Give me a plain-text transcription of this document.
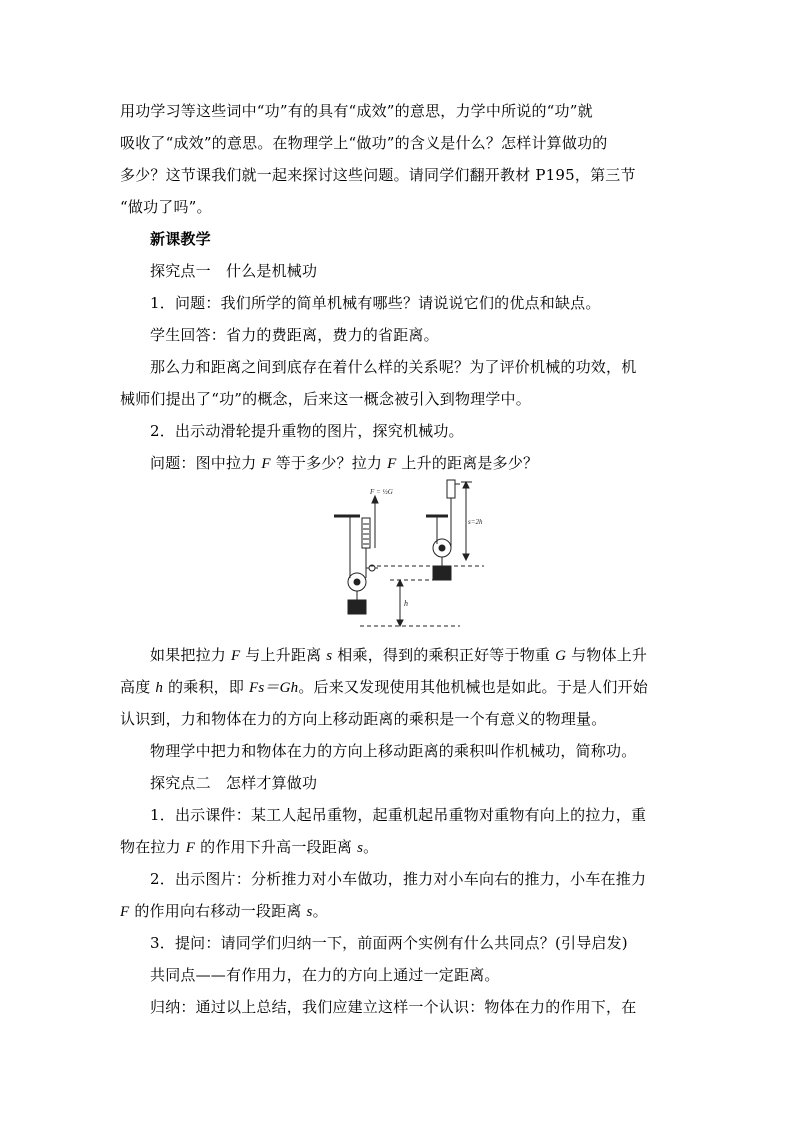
用功学习等这些词中“功”有的具有“成效”的意思，力学中所说的“功”就
吸收了“成效”的意思。在物理学上“做功”的含义是什么？怎样计算做功的
多少？这节课我们就一起来探讨这些问题。请同学们翻开教材 P195，第三节
“做功了吗”。
新课教学
探究点一　什么是机械功
1．问题：我们所学的简单机械有哪些？请说说它们的优点和缺点。
学生回答：省力的费距离，费力的省距离。
那么力和距离之间到底存在着什么样的关系呢？为了评价机械的功效，机
械师们提出了“功”的概念，后来这一概念被引入到物理学中。
2．出示动滑轮提升重物的图片，探究机械功。
问题：图中拉力 F 等于多少？拉力 F 上升的距离是多少？
F = ½G
s=2h
h
如果把拉力 F 与上升距离 s 相乘，得到的乘积正好等于物重 G 与物体上升
高度 h 的乘积，即 Fs＝Gh。后来又发现使用其他机械也是如此。于是人们开始
认识到，力和物体在力的方向上移动距离的乘积是一个有意义的物理量。
物理学中把力和物体在力的方向上移动距离的乘积叫作机械功，简称功。
探究点二　怎样才算做功
1．出示课件：某工人起吊重物，起重机起吊重物对重物有向上的拉力，重
物在拉力 F 的作用下升高一段距离 s。
2．出示图片：分析推力对小车做功，推力对小车向右的推力，小车在推力
F 的作用向右移动一段距离 s。
3．提问：请同学们归纳一下，前面两个实例有什么共同点？(引导启发)
共同点——有作用力，在力的方向上通过一定距离。
归纳：通过以上总结，我们应建立这样一个认识：物体在力的作用下，在
